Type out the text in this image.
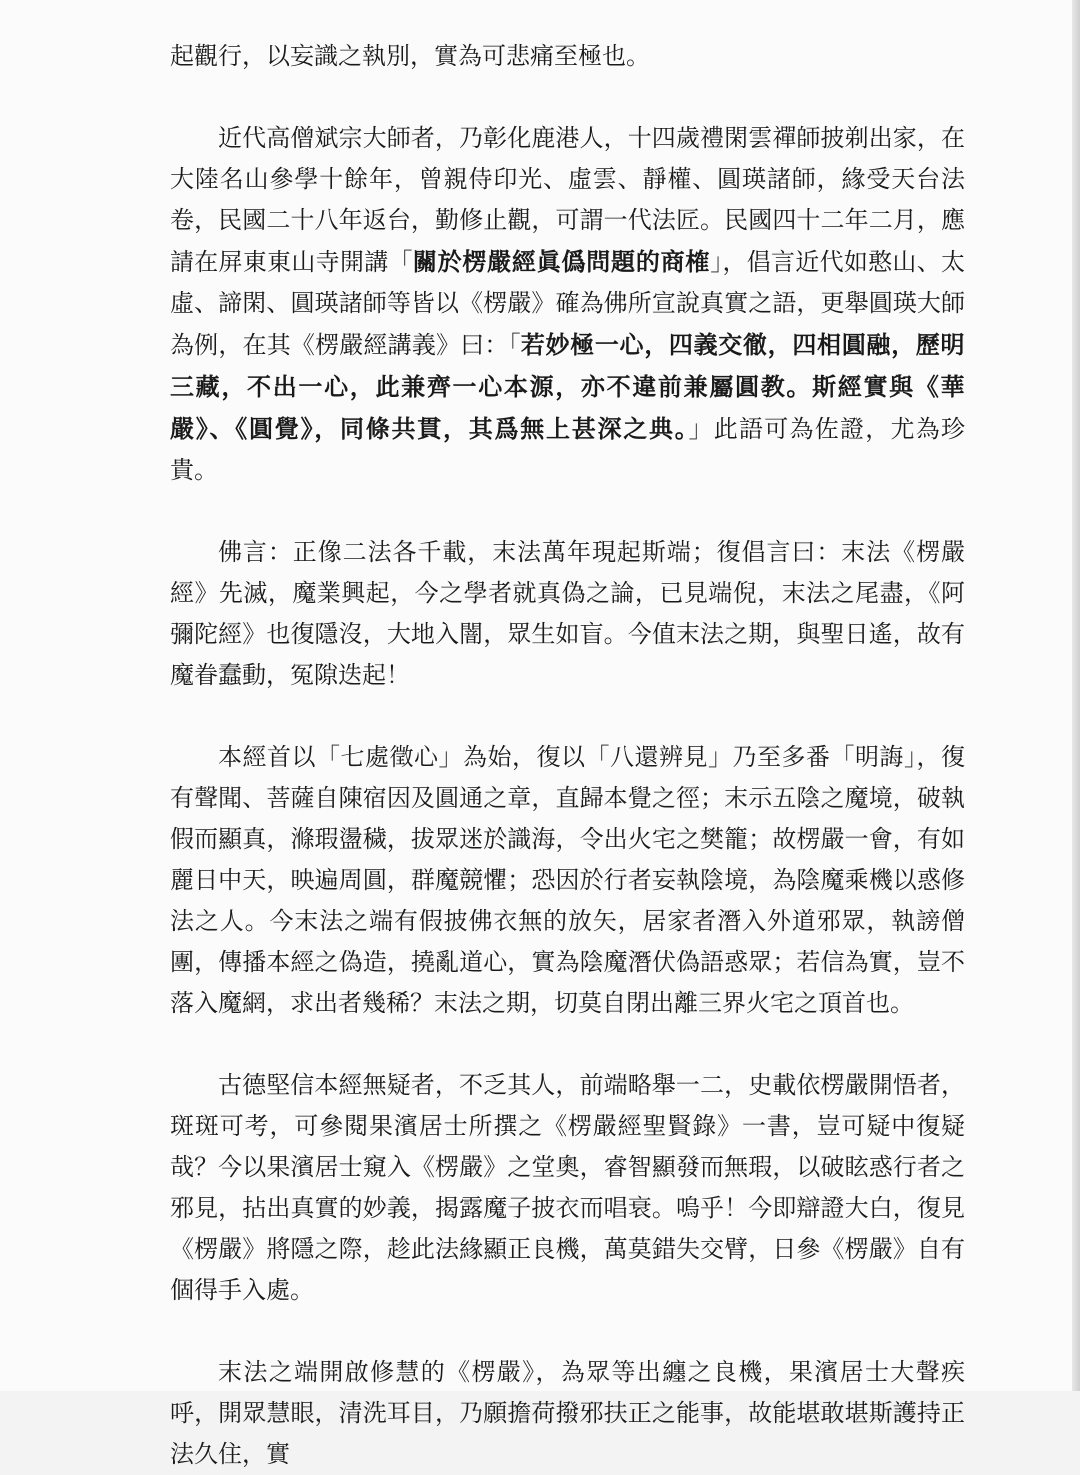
起觀行，以妄識之執別，實為可悲痛至極也。

近代高僧斌宗大師者，乃彰化鹿港人，十四歲禮閑雲禪師披剃出家，在大陸名山參學十餘年，曾親侍印光、虛雲、靜權、圓瑛諸師，緣受天台法卷，民國二十八年返台，勤修止觀，可謂一代法匠。民國四十二年二月，應請在屏東東山寺開講「關於楞嚴經眞僞問題的商榷」，倡言近代如憨山、太虛、諦閑、圓瑛諸師等皆以《楞嚴》確為佛所宣說真實之語，更舉圓瑛大師為例，在其《楞嚴經講義》曰：「若妙極一心，四義交徹，四相圓融，歷明三藏，不出一心，此兼齊一心本源，亦不違前兼屬圓教。斯經實與《華嚴》、《圓覺》，同條共貫，其爲無上甚深之典。」此語可為佐證，尤為珍貴。

佛言：正像二法各千載，末法萬年現起斯端；復倡言曰：末法《楞嚴經》先滅，魔業興起，今之學者就真偽之論，已見端倪，末法之尾盡，《阿彌陀經》也復隱沒，大地入闇，眾生如盲。今值末法之期，與聖日遙，故有魔眷蠢動，冤隙迭起！

本經首以「七處徵心」為始，復以「八還辨見」乃至多番「明誨」，復有聲聞、菩薩自陳宿因及圓通之章，直歸本覺之徑；末示五陰之魔境，破執假而顯真，滌瑕盪穢，拔眾迷於識海，令出火宅之樊籠；故楞嚴一會，有如麗日中天，映遍周圓，群魔競懼；恐因於行者妄執陰境，為陰魔乘機以惑修法之人。今末法之端有假披佛衣無的放矢，居家者潛入外道邪眾，執謗僧團，傳播本經之偽造，撓亂道心，實為陰魔潛伏偽語惑眾；若信為實，豈不落入魔網，求出者幾稀？末法之期，切莫自閉出離三界火宅之頂首也。

古德堅信本經無疑者，不乏其人，前端略舉一二，史載依楞嚴開悟者，斑斑可考，可參閱果濱居士所撰之《楞嚴經聖賢錄》一書，豈可疑中復疑哉？今以果濱居士窺入《楞嚴》之堂奧，睿智顯發而無瑕，以破眩惑行者之邪見，拈出真實的妙義，揭露魔子披衣而唱衰。嗚乎！今即辯證大白，復見《楞嚴》將隱之際，趁此法緣顯正良機，萬莫錯失交臂，日參《楞嚴》自有個得手入處。

末法之端開啟修慧的《楞嚴》，為眾等出纏之良機，果濱居士大聲疾呼，開眾慧眼，清洗耳目，乃願擔荷撥邪扶正之能事，故能堪敢堪斯護持正法久住，實
